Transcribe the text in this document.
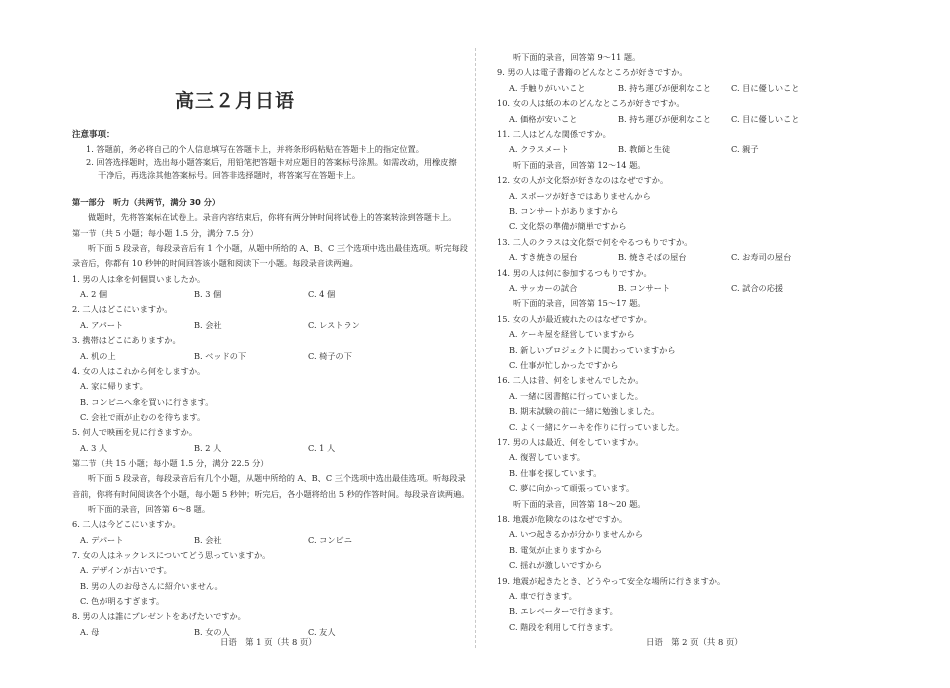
高三２月日语
注意事项：
1. 答题前，务必将自己的个人信息填写在答题卡上，并将条形码粘贴在答题卡上的指定位置。
2. 回答选择题时，选出每小题答案后，用铅笔把答题卡对应题目的答案标号涂黑。如需改动，用橡皮擦
干净后，再选涂其他答案标号。回答非选择题时，将答案写在答题卡上。
第一部分　听力（共两节，满分 30 分）
做题时，先将答案标在试卷上。录音内容结束后，你将有两分钟时间将试卷上的答案转涂到答题卡上。
第一节（共 5 小题；每小题 1.5 分，满分 7.5 分）
听下面 5 段录音，每段录音后有 1 个小题，从题中所给的 A、B、C 三个选项中选出最佳选项。听完每段
录音后，你都有 10 秒钟的时间回答该小题和阅读下一小题。每段录音读两遍。
1. 男の人は傘を何個買いましたか。
A. 2 個	B. 3 個	C. 4 個
2. 二人はどこにいますか。
A. アパート	B. 会社	C. レストラン
3. 携帯はどこにありますか。
A. 机の上	B. ベッドの下	C. 椅子の下
4. 女の人はこれから何をしますか。
A. 家に帰ります。
B. コンビニへ傘を買いに行きます。
C. 会社で雨が止むのを待ちます。
5. 何人で映画を見に行きますか。
A. 3 人	B. 2 人	C. 1 人
第二节（共 15 小题；每小题 1.5 分，满分 22.5 分）
听下面 5 段录音，每段录音后有几个小题，从题中所给的 A、B、C 三个选项中选出最佳选项。听每段录
音前，你将有时间阅读各个小题，每小题 5 秒钟；听完后，各小题将给出 5 秒的作答时间。每段录音读两遍。
听下面的录音，回答第 6～8 题。
6. 二人は今どこにいますか。
A. デパート	B. 会社	C. コンビニ
7. 女の人はネックレスについてどう思っていますか。
A. デザインが古いです。
B. 男の人のお母さんに紹介いません。
C. 色が明るすぎます。
8. 男の人は誰にプレゼントをあげたいですか。
A. 母	B. 女の人	C. 友人
日语　第 1 页（共 8 页）
听下面的录音，回答第 9～11 题。
9. 男の人は電子書籍のどんなところが好きですか。
A. 手触りがいいこと	B. 持ち運びが便利なこと C. 目に優しいこと
10. 女の人は紙の本のどんなところが好きですか。
A. 価格が安いこと	B. 持ち運びが便利なこと C. 目に優しいこと
11. 二人はどんな関係ですか。
A. クラスメート	B. 教師と生徒	C. 親子
听下面的录音，回答第 12～14 题。
12. 女の人が文化祭が好きなのはなぜですか。
A. スポーツが好きではありませんから
B. コンサートがありますから
C. 文化祭の準備が簡単ですから
13. 二人のクラスは文化祭で何をやるつもりですか。
A. すき焼きの屋台	B. 焼きそばの屋台	C. お寿司の屋台
14. 男の人は何に参加するつもりですか。
A. サッカーの試合	B. コンサート	C. 試合の応援
听下面的录音，回答第 15～17 题。
15. 女の人が最近疲れたのはなぜですか。
A. ケーキ屋を経営していますから
B. 新しいプロジェクトに関わっていますから
C. 仕事が忙しかったですから
16. 二人は昔、何をしませんでしたか。
A. 一緒に図書館に行っていました。
B. 期末試験の前に一緒に勉強しました。
C. よく一緒にケーキを作りに行っていました。
17. 男の人は最近、何をしていますか。
A. 復習しています。
B. 仕事を探しています。
C. 夢に向かって頑張っています。
听下面的录音，回答第 18～20 题。
18. 地震が危険なのはなぜですか。
A. いつ起きるかが分かりませんから
B. 電気が止まりますから
C. 揺れが激しいですから
19. 地震が起きたとき、どうやって安全な場所に行きますか。
A. 車で行きます。
B. エレベーターで行きます。
C. 階段を利用して行きます。
日语　第 2 页（共 8 页）
